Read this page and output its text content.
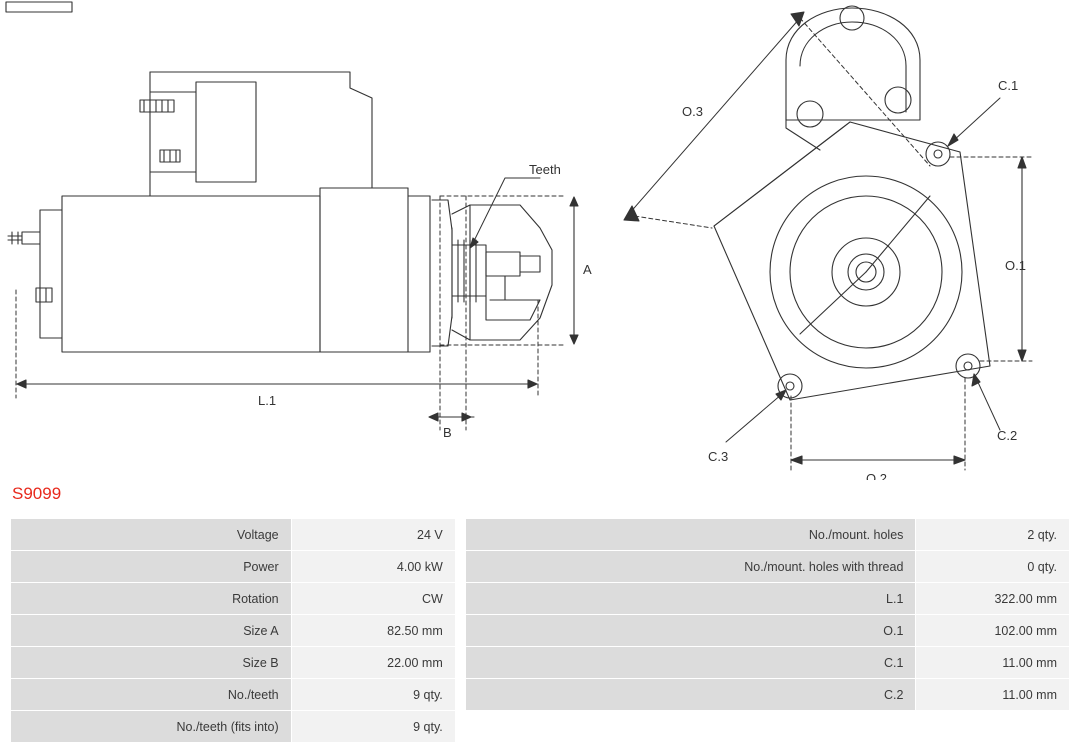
Teeth
A
B
L.1
O.3
O.1
O.2
C.1
C.2
C.3
S9099
Voltage	24 V		No./mount. holes	2 qty.
Power	4.00 kW		No./mount. holes with thread	0 qty.
Rotation	CW		L.1	322.00 mm
Size A	82.50 mm		O.1	102.00 mm
Size B	22.00 mm		C.1	11.00 mm
No./teeth	9 qty.		C.2	11.00 mm
No./teeth (fits into)	9 qty.			
